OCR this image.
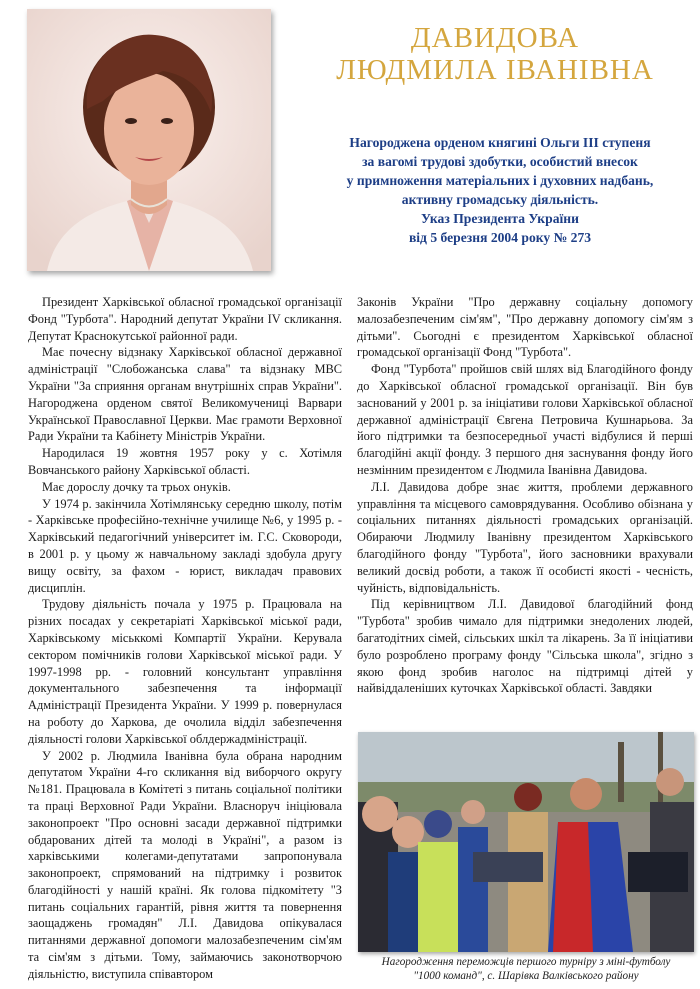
ДАВИДОВА
ЛЮДМИЛА ІВАНІВНА
Нагороджена орденом княгині Ольги ІІІ ступеня
за вагомі трудові здобутки, особистий внесок
у примноження матеріальних і духовних надбань,
активну громадську діяльність.
Указ Президента України
від 5 березня 2004 року № 273

Президент Харківської обласної громадської організації Фонд "Турбота". Народний депутат України IV скликання. Депутат Краснокутської районної ради.

Має почесну відзнаку Харківської обласної державної адміністрації "Слобожанська слава" та відзнаку МВС України "За сприяння органам внутрішніх справ України". Нагороджена орденом святої Великомучениці Варвари Української Православної Церкви. Має грамоти Верховної Ради України та Кабінету Міністрів України.

Народилася 19 жовтня 1957 року у с. Хотімля Вовчанського району Харківської області.

Має дорослу дочку та трьох онуків.

У 1974 р. закінчила Хотімлянську середню школу, потім - Харківське професійно-технічне училище №6, у 1995 р. - Харківський педагогічний університет ім. Г.С. Сковороди, в 2001 р. у цьому ж навчальному закладі здобула другу вищу освіту, за фахом - юрист, викладач правових дисциплін.

Трудову діяльність почала у 1975 р. Працювала на різних посадах у секретаріаті Харківської міської ради, Харківському міськкомі Компартії України. Керувала сектором помічників голови Харківської міської ради. У 1997-1998 рр. - головний консультант управління документального забезпечення та інформації Адміністрації Президента України. У 1999 р. повернулася на роботу до Харкова, де очолила відділ забезпечення діяльності голови Харківської облдержадміністрації.

У 2002 р. Людмила Іванівна була обрана народним депутатом України 4-го скликання від виборчого округу №181. Працювала в Комітеті з питань соціальної політики та праці Верховної Ради України. Власноруч ініціювала законопроект "Про основні засади державної підтримки обдарованих дітей та молоді в Україні", а разом із харківськими колегами-депутатами запропонувала законопроект, спрямований на підтримку і розвиток благодійності у нашій країні. Як голова підкомітету "З питань соціальних гарантій, рівня життя та повернення заощаджень громадян" Л.І. Давидова опікувалася питаннями державної допомоги малозабезпеченим сім'ям та сім'ям з дітьми. Тому, займаючись законотворчою діяльністю, виступила співавтором

Законів України "Про державну соціальну допомогу малозабезпеченим сім'ям", "Про державну допомогу сім'ям з дітьми". Сьогодні є президентом Харківської обласної громадської організації Фонд "Турбота".

Фонд "Турбота" пройшов свій шлях від Благодійного фонду до Харківської обласної громадської організації. Він був заснований у 2001 р. за ініціативи голови Харківської обласної державної адміністрації Євгена Петровича Кушнарьова. За його підтримки та безпосередньої участі відбулися й перші благодійні акції фонду. З першого дня заснування фонду його незмінним президентом є Людмила Іванівна Давидова.

Л.І. Давидова добре знає життя, проблеми державного управління та місцевого самоврядування. Особливо обізнана у соціальних питаннях діяльності громадських організацій. Обираючи Людмилу Іванівну президентом Харківського благодійного фонду "Турбота", його засновники врахували великий досвід роботи, а також її особисті якості - чесність, чуйність, відповідальність.

Під керівництвом Л.І. Давидової благодійний фонд "Турбота" зробив чимало для підтримки знедолених людей, багатодітних сімей, сільських шкіл та лікарень. За її ініціативи було розроблено програму фонду "Сільська школа", згідно з якою фонд зробив наголос на підтримці дітей у найвіддаленіших куточках Харківської області. Завдяки

Нагородження переможців першого турніру з міні-футболу
"1000 команд", с. Шарівка Валківського району
